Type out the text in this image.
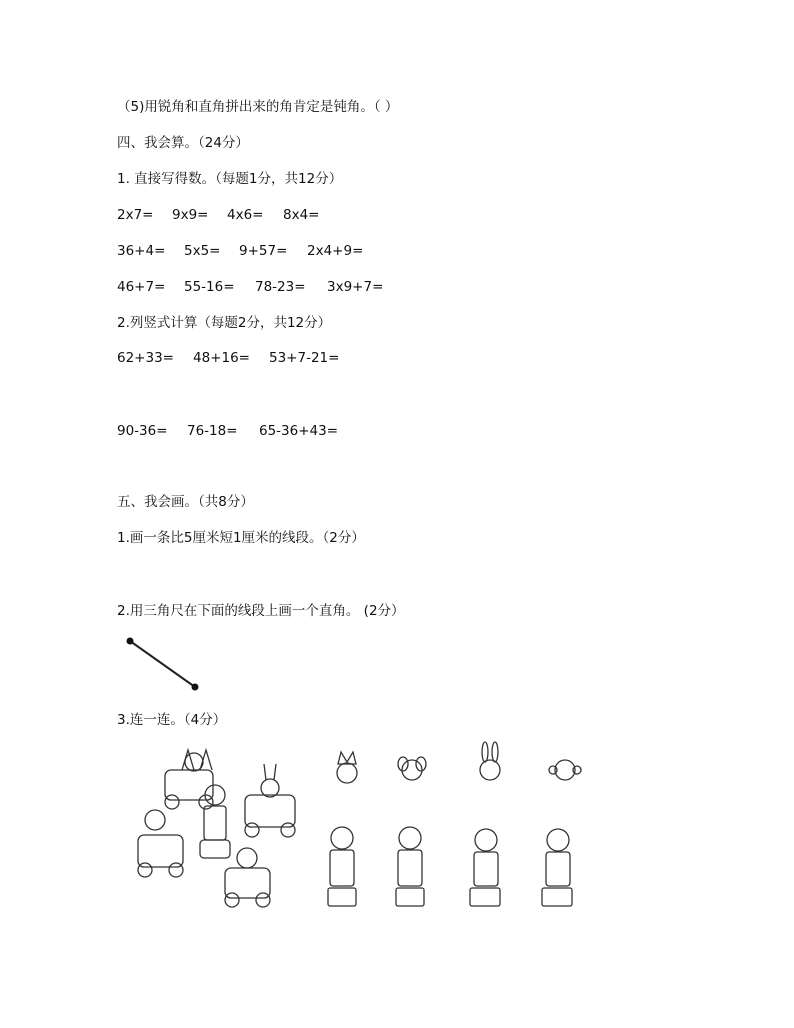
（5)用锐角和直角拼出来的角肯定是钝角。（ ）
四、我会算。（24分）
1. 直接写得数。（每题1分，共12分）
2x7= 9x9= 4x6= 8x4=
36+4= 5x5= 9+57= 2x4+9=
46+7= 55-16= 78-23= 3x9+7=
2.列竖式计算（每题2分，共12分）
62+33= 48+16= 53+7-21=
90-36= 76-18= 65-36+43=
五、我会画。（共8分）
1.画一条比5厘米短1厘米的线段。（2分）
2.用三角尺在下面的线段上画一个直角。 (2分）
3.连一连。（4分）
